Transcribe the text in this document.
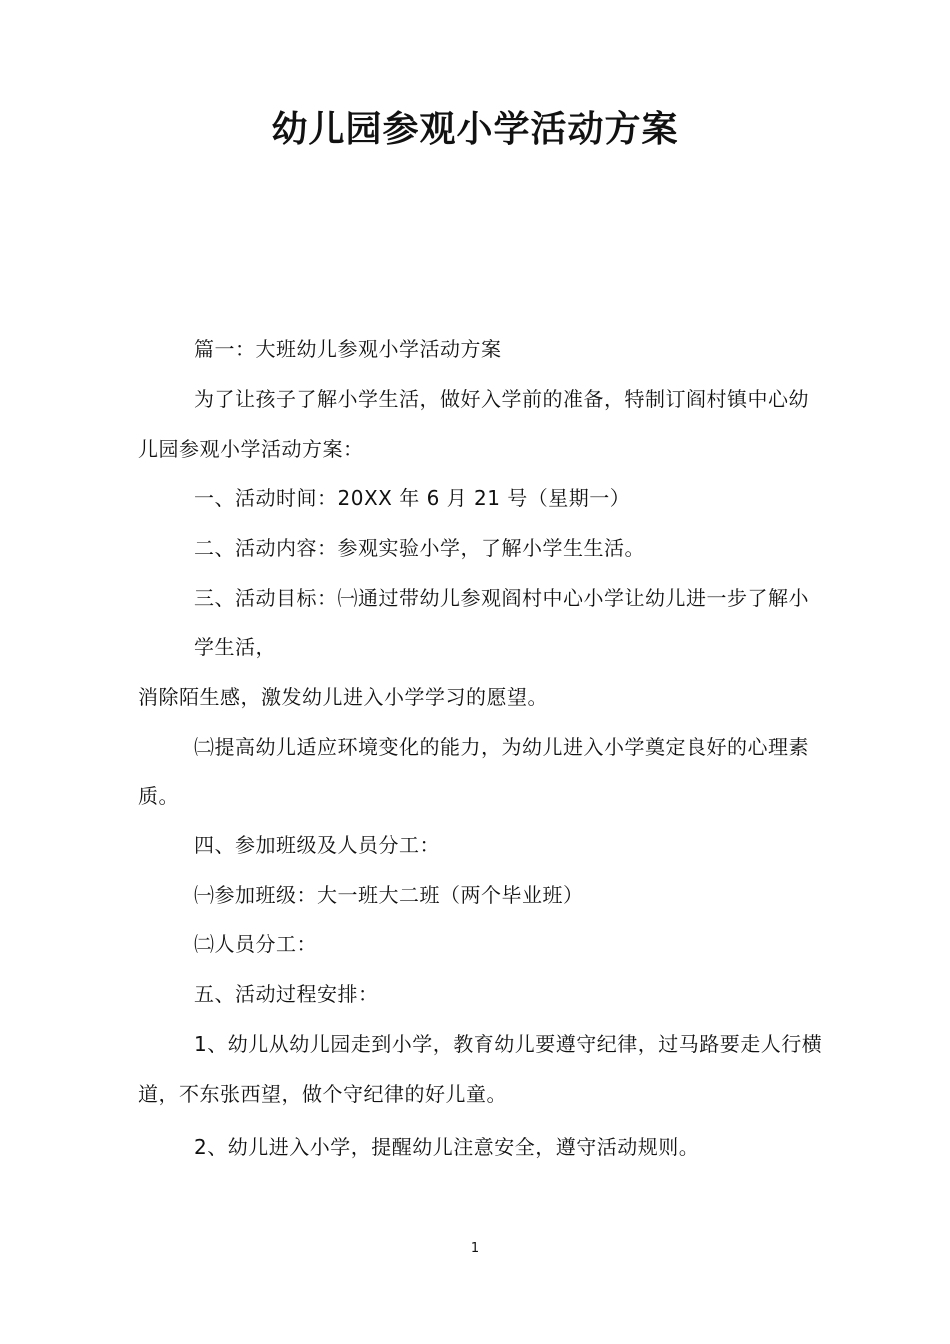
幼儿园参观小学活动方案
篇一：大班幼儿参观小学活动方案
为了让孩子了解小学生活，做好入学前的准备，特制订阎村镇中心幼
儿园参观小学活动方案：
一、活动时间：20XX 年 6 月 21 号（星期一）
二、活动内容：参观实验小学，了解小学生生活。
三、活动目标：㈠通过带幼儿参观阎村中心小学让幼儿进一步了解小
学生活，
消除陌生感，激发幼儿进入小学学习的愿望。
㈡提高幼儿适应环境变化的能力，为幼儿进入小学奠定良好的心理素
质。
四、参加班级及人员分工：
㈠参加班级：大一班大二班（两个毕业班）
㈡人员分工：
五、活动过程安排：
1、幼儿从幼儿园走到小学，教育幼儿要遵守纪律，过马路要走人行横
道，不东张西望，做个守纪律的好儿童。
2、幼儿进入小学，提醒幼儿注意安全，遵守活动规则。
1
